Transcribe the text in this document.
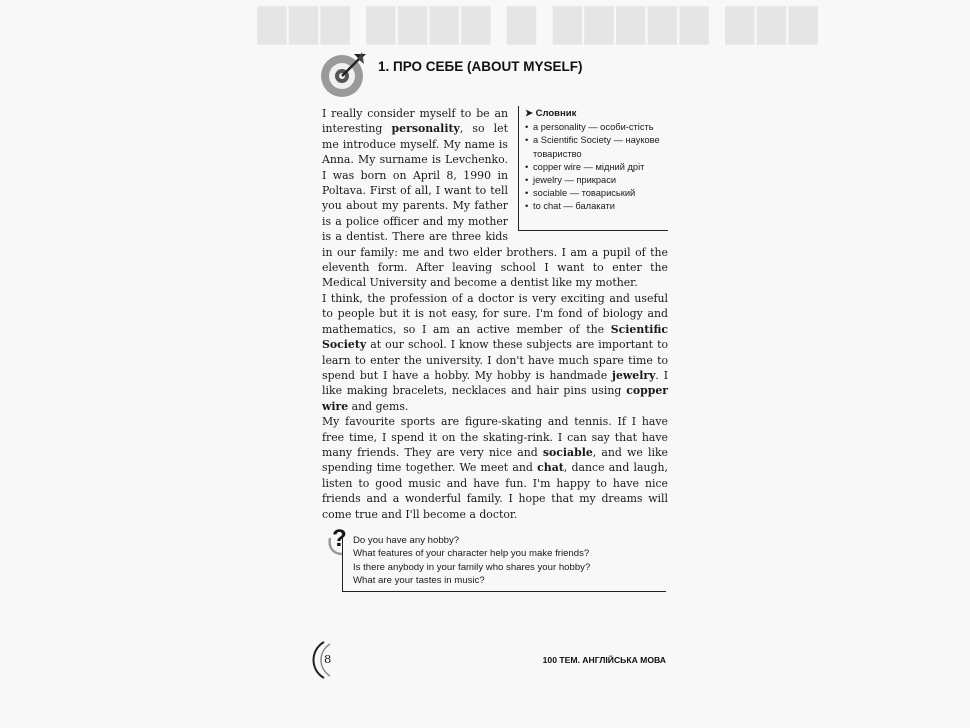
▇▇▇ ▇▇▇▇ ▇ ▇▇▇▇▇ ▇▇▇
1. ПРО СЕБЕ (ABOUT MYSELF)
➤ Словник
• a personality — особи-стість
• a Scientific Society — наукове товариство
• copper wire — мідний дріт
• jewelry — прикраси
• sociable — товариський
• to chat — балакати

I really consider myself to be an interesting personality, so let me introduce myself. My name is Anna. My surname is Levchenko. I was born on April 8, 1990 in Poltava. First of all, I want to tell you about my parents. My father is a police officer and my mother is a dentist. There are three kids in our family: me and two elder brothers. I am a pupil of the eleventh form. After leaving school I want to enter the Medical University and become a dentist like my mother.

I think, the profession of a doctor is very exciting and useful to people but it is not easy, for sure. I'm fond of biology and mathematics, so I am an active member of the Scientific Society at our school. I know these subjects are important to learn to enter the university. I don't have much spare time to spend but I have a hobby. My hobby is handmade jewelry. I like making bracelets, necklaces and hair pins using copper wire and gems.

My favourite sports are figure-skating and tennis. If I have free time, I spend it on the skating-rink. I can say that have many friends. They are very nice and sociable, and we like spending time together. We meet and chat, dance and laugh, listen to good music and have fun. I'm happy to have nice friends and a wonderful family. I hope that my dreams will come true and I'll become a doctor.

? Do you have any hobby?
What features of your character help you make friends?
Is there anybody in your family who shares your hobby?
What are your tastes in music?
8	100 ТЕМ. АНГЛІЙСЬКА МОВА
